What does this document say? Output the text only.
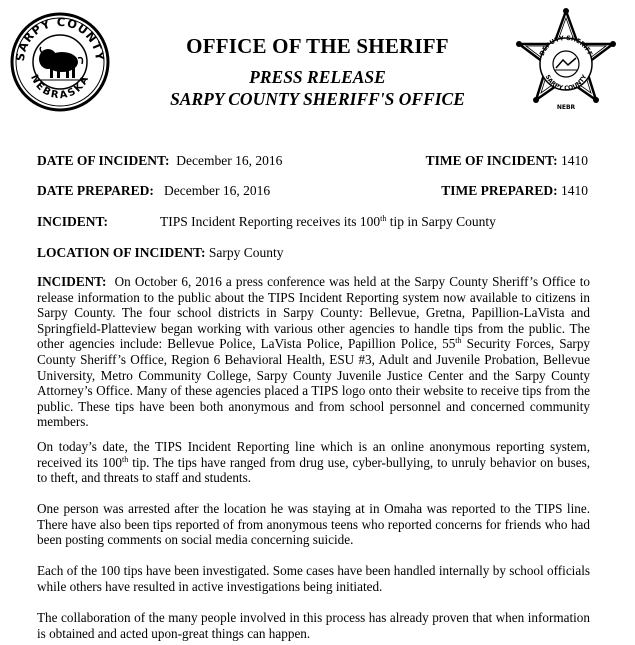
SARPY COUNTY
NEBRASKA
DEPUTY SHERIFF
SARPY COUNTY
NEBR
OFFICE OF THE SHERIFF
PRESS RELEASE
SARPY COUNTY SHERIFF'S OFFICE
DATE OF INCIDENT: December 16, 2016	TIME OF INCIDENT: 1410
DATE PREPARED: December 16, 2016	TIME PREPARED: 1410
INCIDENT:	TIPS Incident Reporting receives its 100th tip in Sarpy County
LOCATION OF INCIDENT: Sarpy County

INCIDENT: On October 6, 2016 a press conference was held at the Sarpy County Sheriff’s Office to release information to the public about the TIPS Incident Reporting system now available to citizens in Sarpy County. The four school districts in Sarpy County: Bellevue, Gretna, Papillion-LaVista and Springfield-Platteview began working with various other agencies to handle tips from the public. The other agencies include: Bellevue Police, LaVista Police, Papillion Police, 55th Security Forces, Sarpy County Sheriff’s Office, Region 6 Behavioral Health, ESU #3, Adult and Juvenile Probation, Bellevue University, Metro Community College, Sarpy County Juvenile Justice Center and the Sarpy County Attorney’s Office. Many of these agencies placed a TIPS logo onto their website to receive tips from the public. These tips have been both anonymous and from school personnel and concerned community members.

On today’s date, the TIPS Incident Reporting line which is an online anonymous reporting system, received its 100th tip. The tips have ranged from drug use, cyber-bullying, to unruly behavior on buses, to theft, and threats to staff and students.

One person was arrested after the location he was staying at in Omaha was reported to the TIPS line. There have also been tips reported of from anonymous teens who reported concerns for friends who had been posting comments on social media concerning suicide.

Each of the 100 tips have been investigated. Some cases have been handled internally by school officials while others have resulted in active investigations being initiated.

The collaboration of the many people involved in this process has already proven that when information is obtained and acted upon-great things can happen.
